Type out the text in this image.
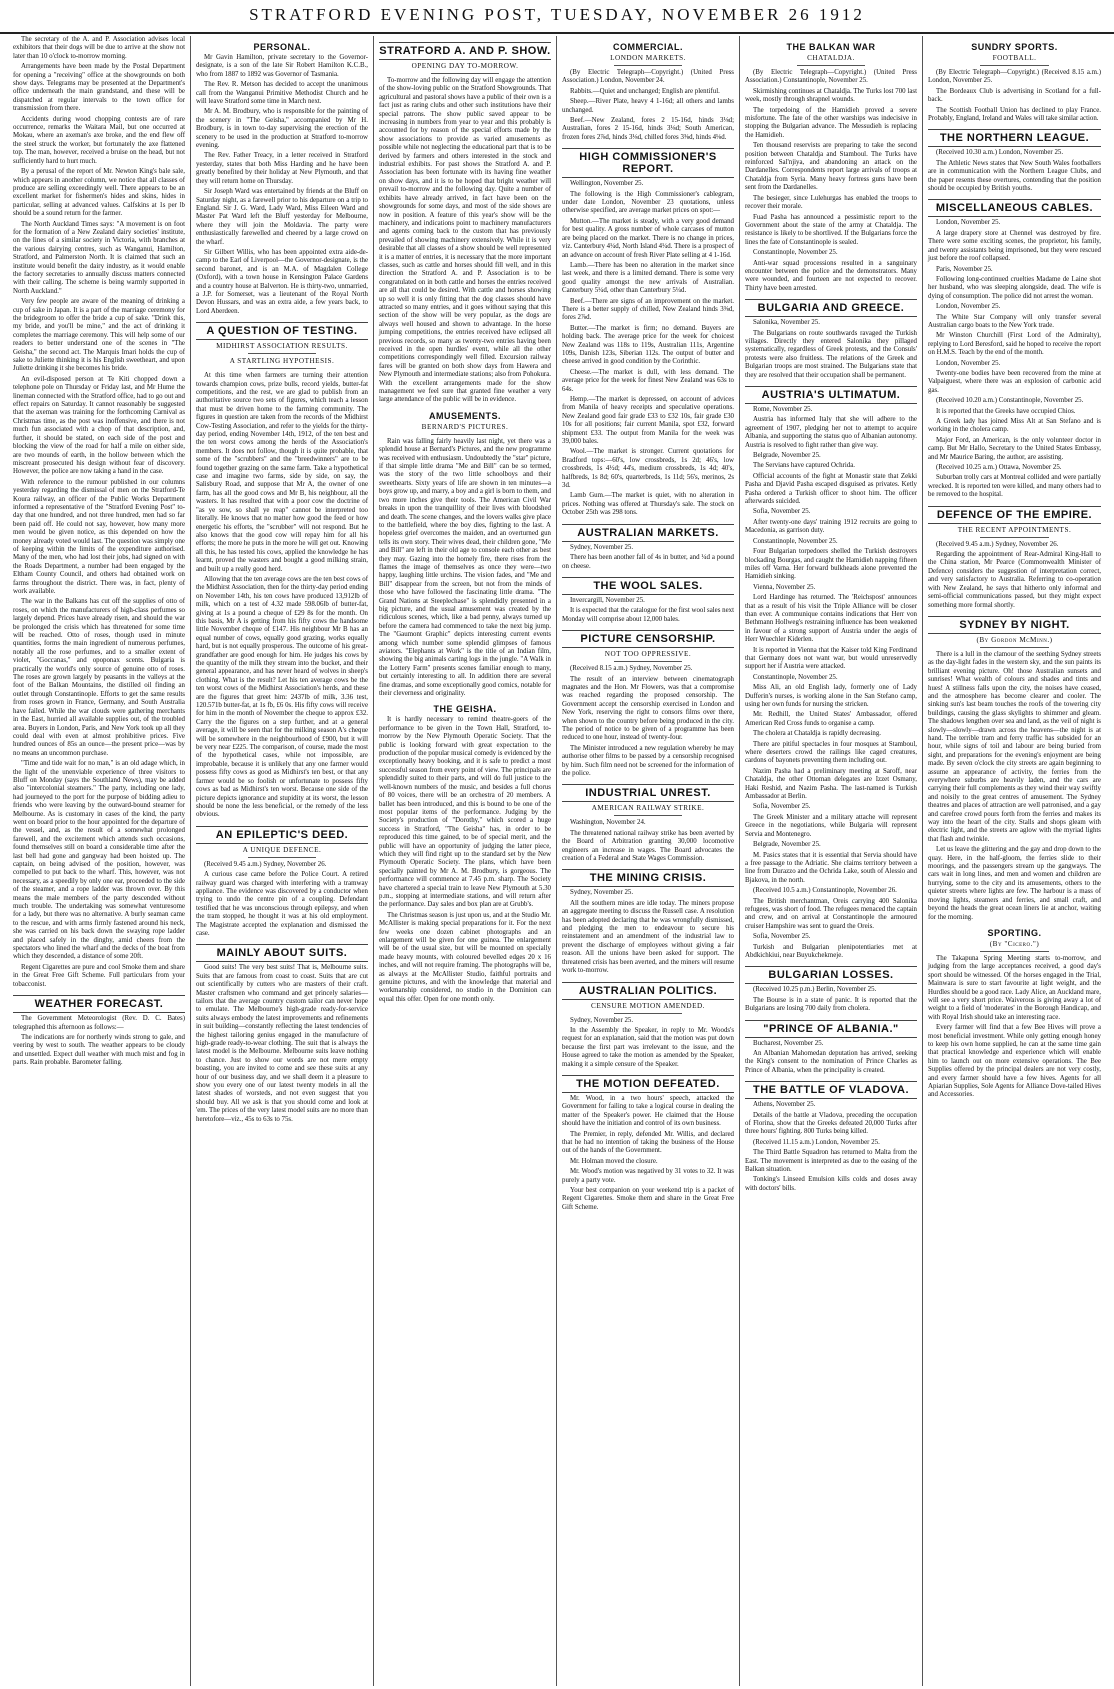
STRATFORD EVENING POST, TUESDAY, NOVEMBER 26 1912

The secretary of the A. and P. Association advises local exhibitors that their dogs will be due to arrive at the show not later than 10 o'clock to-morrow morning.

Arrangements have been made by the Postal Department for opening a "receiving" office at the showgrounds on both show days. Telegrams may be presented at the Department's office underneath the main grandstand, and these will be dispatched at regular intervals to the town office for transmission from there.

Accidents during wood chopping contests are of rare occurrence, remarks the Waitara Mail, but one occurred at Mokau, where an axeman's axe broke, and the end flew off the steel struck the worker, but fortunately the axe flattened top. The man, however, received a bruise on the head, but not sufficiently hard to hurt much.

By a perusal of the report of Mr. Newton King's bale sale, which appears in another column, we notice that all classes of produce are selling exceedingly well. There appears to be an excellent market for fishermen's hides and skins, hides in particular, selling at advanced values. Calfskins at 1s per lb should be a sound return for the farmer.

The North Auckland Times says: "A movement is on foot for the formation of a New Zealand dairy societies' institute, on the lines of a similar society in Victoria, with branches at the various dairying centres, such as Wanganui, Hamilton, Stratford, and Palmerston North. It is claimed that such an institute would benefit the dairy industry, as it would enable the factory secretaries to annually discuss matters connected with their calling. The scheme is being warmly supported in North Auckland."

Very few people are aware of the meaning of drinking a cup of sake in Japan. It is a part of the marriage ceremony for the bridegroom to offer the bride a cup of sake. "Drink this, my bride, and you'll be mine," and the act of drinking it completes the marriage ceremony. This will help some of our readers to better understand one of the scenes in "The Geisha," the second act. The Marquis Imari holds the cup of sake to Juliette thinking it is his English sweetheart, and upon Juliette drinking it she becomes his bride.

An evil-disposed person at Te Kiti chopped down a telephone pole on Thursday or Friday last, and Mr Hume the lineman connected with the Stratford office, had to go out and effect repairs on Saturday. It cannot reasonably be suggested that the axeman was training for the forthcoming Carnival as Christmas time, as the post was inoffensive, and there is not much fun associated with a chop of that description, and, further, it should be stated, on each side of the post and blocking the view of the road for half a mile on either side, are two mounds of earth, in the hollow between which the miscreant prosecuted his design without fear of discovery. However, the police are now taking a hand in the case.

With reference to the rumour published in our columns yesterday regarding the dismissal of men on the Stratford-Te Koura railway, an officer of the Public Works Department informed a representative of the "Stratford Evening Post" to-day that one hundred, and not three hundred, men had so far been paid off. He could not say, however, how many more men would be given notice, as this depended on how the money already voted would last. The question was simply one of keeping within the limits of the expenditure authorised. Many of the men, who had lost their jobs, had signed on with the Roads Department, a number had been engaged by the Eltham County Council, and others had obtained work on farms throughout the district. There was, in fact, plenty of work available.

The war in the Balkans has cut off the supplies of otto of roses, on which the manufacturers of high-class perfumes so largely depend. Prices have already risen, and should the war be prolonged the crisis which has threatened for some time will be reached. Otto of roses, though used in minute quantities, forms the main ingredient of numerous perfumes, notably all the rose perfumes, and to a smaller extent of violet, "Goccanas," and opoponax scents. Bulgaria is practically the world's only source of genuine otto of roses. The roses are grown largely by peasants in the valleys at the foot of the Balkan Mountains, the distilled oil finding an outlet through Constantinople. Efforts to get the same results from roses grown in France, Germany, and South Australia have failed. While the war clouds were gathering merchants in the East, hurried all available supplies out, of the troubled area. Buyers in London, Paris, and New York took up all they could deal with even at almost prohibitive prices. Five hundred ounces of 85s an ounce—the present price—was by no means an uncommon purchase.

"Time and tide wait for no man," is an old adage which, in the light of the unenviable experience of three visitors to Bluff on Monday (says the Southland News), may be added also "intercolonial steamers." The party, including one lady, had journeyed to the port for the purpose of bidding adieu to friends who were leaving by the outward-bound steamer for Melbourne. As is customary in cases of the kind, the party went on board prior to the hour appointed for the departure of the vessel, and, as the result of a somewhat prolonged farewell, and the excitement which attends such occasions, found themselves still on board a considerable time after the last bell had gone and gangway had been hoisted up. The captain, on being advised of the position, however, was compelled to put back to the wharf. This, however, was not necessary, as a speedily by only one ear, proceeded to the side of the steamer, and a rope ladder was thrown over. By this means the male members of the party descended without much trouble. The undertaking was somewhat venturesome for a lady, but there was no alternative. A burly seaman came to the rescue, and with arms firmly fastened around his neck, she was carried on his back down the swaying rope ladder and placed safely in the dinghy, amid cheers from the spectators who lined the wharf and the decks of the boat from which they descended, a distance of some 20ft.

Regent Cigarettes are pure and cool Smoke them and share in the Great Free Gift Scheme. Full particulars from your tobacconist.

WEATHER FORECAST.

The Government Meteorologist (Rev. D. C. Bates) telegraphed this afternoon as follows:—

The indications are for northerly winds strong to gale, and veering by west to south. The weather appears to be cloudy and unsettled. Expect dull weather with much mist and fog in parts. Rain probable. Barometer falling.

PERSONAL.

Mr Gavin Hamilton, private secretary to the Governor-designate, is a son of the late Sir Robert Hamilton K.C.B., who from 1887 to 1892 was Governor of Tasmania.

The Rev. R. Metson has decided to accept the unanimous call from the Wanganui Primitive Methodist Church and he will leave Stratford some time in March next.

Mr A. M. Brodbury, who is responsible for the painting of the scenery in "The Geisha," accompanied by Mr H. Brodbury, is in town to-day supervising the erection of the scenery to be used in the production at Stratford to-morrow evening.

The Rev. Father Treacy, in a letter received in Stratford yesterday, states that both Miss Harding and he have been greatly benefited by their holiday at New Plymouth, and that they will return home on Thursday.

Sir Joseph Ward was entertained by friends at the Bluff on Saturday night, as a farewell prior to his departure on a trip to England. Sir J. G. Ward, Lady Ward, Miss Eileen Ward and Master Pat Ward left the Bluff yesterday for Melbourne, where they will join the Moldavia. The party were enthusiastically farewelled and cheered by a large crowd on the wharf.

Sir Gilbert Willis, who has been appointed extra aide-de-camp to the Earl of Liverpool—the Governor-designate, is the second baronet, and is an M.A. of Magdalen College (Oxford), with a town house in Kensington Palace Gardens and a country house at Balverton. He is thirty-two, unmarried, a J.P. for Somerset, was a lieutenant of the Royal North Devon Hussars, and was an extra aide, a few years back, to Lord Aberdeen.

A QUESTION OF TESTING.
MIDHIRST ASSOCIATION RESULTS.
A STARTLING HYPOTHESIS.

At this time when farmers are turning their attention towards champion cows, prize bulls, record yields, butter-fat competitions, and the rest, we are glad to publish from an authoritative source two sets of figures, which teach a lesson that must be driven home to the farming community. The figures in question are taken from the records of the Midhirst Cow-Testing Association, and refer to the yields for the thirty-day period, ending November 14th, 1912, of the ten best and the ten worst cows among the herds of the Association's members. It does not follow, though it is quite probable, that some of the "scrubbers" and the "breedwinners" are to be found together grazing on the same farm. Take a hypothetical case and imagine two farms, side by side, on say, the Salisbury Road, and suppose that Mr A, the owner of one farm, has all the good cows and Mr B, his neighbour, all the wasters. It has resulted that with a poor cow the doctrine of "as ye sow, so shall ye reap" cannot be interpreted too literally. He knows that no matter how good the feed or how energetic his efforts, the "scrubber" will not respond. But he also knows that the good cow will repay him for all his efforts; the more he puts in the more he will get out. Knowing all this, he has tested his cows, applied the knowledge he has learnt, proved the wasters and bought a good milking strain, and built up a really good herd.

Allowing that the ten average cows are the ten best cows of the Midhirst Association, then for the thirty-day period ending on November 14th, his ten cows have produced 13,912lb of milk, which on a test of 4.32 made 598.06lb of butter-fat, giving at 1s a pound a cheque of £29 8s for the month. On this basis, Mr A is getting from his fifty cows the handsome little November cheque of £147. His neighbour Mr B has an equal number of cows, equally good grazing, works equally hard, but is not equally prosperous. The outcome of his great-grandfather are good enough for him. He judges his cows by the quantity of the milk they stream into the bucket, and their general appearance, and has never heard of wolves in sheep's clothing. What is the result? Let his ten average cows be the ten worst cows of the Midhirst Association's herds, and these are the figures that greet him: 2437lb of milk, 3.36 test, 120.571b butter-fat, at 1s fb, £6 0s. His fifty cows will receive for him in the month of November the cheque to approx £32. Carry the the figures on a step further, and at a general average, it will be seen that for the milking season A's cheque will be somewhere in the neighbourhood of £900, but it will be very near £225. The comparison, of course, made the most of the hypothetical cases, while not impossible, are improbable, because it is unlikely that any one farmer would possess fifty cows as good as Midhirst's ten best, or that any farmer would be so foolish or unfortunate to possess fifty cows as bad as Midhirst's ten worst. Because one side of the picture depicts ignorance and stupidity at its worst, the lesson should be none the less beneficial, or the remedy of the less obvious.

AN EPILEPTIC'S DEED.
A UNIQUE DEFENCE.

(Received 9.45 a.m.) Sydney, November 26.

A curious case came before the Police Court. A retired railway guard was charged with interfering with a tramway appliance. The evidence was discovered by a conductor when trying to undo the centre pin of a coupling. Defendant testified that he was unconscious through epilepsy, and when the tram stopped, he thought it was at his old employment. The Magistrate accepted the explanation and dismissed the case.

MAINLY ABOUT SUITS.

Good suits! The very best suits! That is, Melbourne suits. Suits that are famous from coast to coast. Suits that are cut out scientifically by cutters who are masters of their craft. Master craftsmen who command and get princely salaries—tailors that the average country custom tailor can never hope to emulate. The Melbourne's high-grade ready-for-service suits always embody the latest improvements and refinements in suit building—constantly reflecting the latest tendencies of the highest tailoring genius engaged in the manufacture of high-grade ready-to-wear clothing. The suit that is always the latest model is the Melbourne. Melbourne suits leave nothing to chance. Just to show our words are not mere empty boasting, you are invited to come and see these suits at any hour of our business day, and we shall deem it a pleasure to show you every one of our latest twenty models in all the latest shades of worsteds, and not even suggest that you should buy. All we ask is that you should come and look at 'em. The prices of the very latest model suits are no more than heretofore—viz., 45s to 63s to 75s.

STRATFORD A. AND P. SHOW.
OPENING DAY TO-MORROW.

To-morrow and the following day will engage the attention of the show-loving public on the Stratford Showgrounds. That agricultural and pastoral shows have a public of their own is a fact just as raring clubs and other such institutions have their special patrons. The show public saved appear to be increasing in numbers from year to year and this probably is accounted for by reason of the special efforts made by the show associations to provide as varied amusements as possible while not neglecting the educational part that is to be derived by farmers and others interested in the stock and industrial exhibits. For past shows the Stratford A. and P. Association has been fortunate with its having fine weather on show days, and it is to be hoped that bright weather will prevail to-morrow and the following day. Quite a number of exhibits have already arrived, in fact have been on the showgrounds for some days, and most of the side shows are now in position. A feature of this year's show will be the machinery, and indications point to machinery manufacturers and agents coming back to the custom that has previously prevailed of showing machinery extensively. While it is very desirable that all classes of a show should be well represented it is a matter of entries, it is necessary that the more important classes, such as cattle and horses should fill well, and in this direction the Stratford A. and P. Association is to be congratulated on in both cattle and horses the entries received are all that could be desired. With cattle and horses showing up so well it is only fitting that the dog classes should have attracted so many entries, and it goes without saying that this section of the show will be very popular, as the dogs are always well housed and shown to advantage. In the horse jumping competitions, the entries received have eclipsed all previous records, so many as twenty-two entries having been received in the open hurdles' event, while all the other competitions correspondingly well filled. Excursion railway fares will be granted on both show days from Hawera and New Plymouth and intermediate stations; also from Pohokura. With the excellent arrangements made for the show management we feel sure that granted fine weather a very large attendance of the public will be in evidence.

AMUSEMENTS.
BERNARD'S PICTURES.

Rain was falling fairly heavily last night, yet there was a splendid house at Bernard's Pictures, and the new programme was received with enthusiasm. Undoubtedly the "star" picture, if that simple little drama "Me and Bill" can be so termed, was the story of the two little schoolboys and their sweethearts. Sixty years of life are shown in ten minutes—a boys grow up, and marry, a boy and a girl is born to them, and two more inches give their tools. The American Civil War breaks in upon the tranquillity of their lives with bloodshed and death. The scene changes, and the lovers walks give place to the battlefield, where the boy dies, fighting to the last. A hopeless grief overcomes the maiden, and an overturned gun tells its own story. Their wives dead, their children gone, "Me and Bill" are left in their old age to console each other as best they may. Gazing into the homely fire, there rises from the flames the image of themselves as once they were—two happy, laughing little urchins. The vision fades, and "Me and Bill" disappear from the screen, but not from the minds of those who have followed the fascinating little drama. "The Grand Nations at Steeplechase" is splendidly presented in a big picture, and the usual amusement was created by the ridiculous scenes, which, like a bad penny, always turned up before the camera had commenced to take the next big jump. The "Gaumont Graphic" depicts interesting current events among which number some splendid glimpses of famous aviators. "Elephants at Work" is the title of an Indian film, showing the big animals carting logs in the jungle. "A Walk in the Lottery Farm" presents scenes familiar enough to many, but certainly interesting to all. In addition there are several fine dramas, and some exceptionally good comics, notable for their cleverness and originality.

THE GEISHA.

It is hardly necessary to remind theatre-goers of the performance to be given in the Town Hall, Stratford, to-morrow by the New Plymouth Operatic Society. That the public is looking forward with great expectation to the production of the popular musical comedy is evidenced by the exceptionally heavy booking, and it is safe to predict a most successful season from every point of view. The principals are splendidly suited to their parts, and will do full justice to the well-known numbers of the music, and besides a full chorus of 80 voices, there will be an orchestra of 20 members. A ballet has been introduced, and this is bound to be one of the most popular items of the performance. Judging by the Society's production of "Dorothy," which scored a huge success in Stratford, "The Geisha" has, in order to be reproduced this time gained, to be of special merit, and the public will have an opportunity of judging the latter piece, which they will find right up to the standard set by the New Plymouth Operatic Society. The plans, which have been specially painted by Mr A. M. Brodbury, is gorgeous. The performance will commence at 7.45 p.m. sharp. The Society have chartered a special train to leave New Plymouth at 5.30 p.m., stopping at intermediate stations, and will return after the performance. Day sales and box plan are at Grubb's.

The Christmas season is just upon us, and at the Studio Mr. McAllister is making special preparations for it. For the next few weeks one dozen cabinet photographs and an enlargement will be given for one guinea. The enlargement will be of the usual size, but will be mounted on specially made heavy mounts, with coloured bevelled edges 20 x 16 inches, and will not require framing. The photographs will be, as always at the McAllister Studio, faithful portraits and genuine pictures, and with the knowledge that material and workmanship considered, no studio in the Dominion can equal this offer. Open for one month only.

COMMERCIAL.
LONDON MARKETS.

(By Electric Telegraph—Copyright.) (United Press Association.) London, November 24.

Rabbits.—Quiet and unchanged; English are plentiful.

Sheep.—River Plate, heavy 4 1-16d; all others and lambs unchanged.

Beef.—New Zealand, fores 2 15-16d, hinds 3⅛d; Australian, fores 2 15-16d, hinds 3⅛d; South American, frozen fores 2⅞d, hinds 3⅛d, chilled fores 3⅜d, hinds 4⅛d.

HIGH COMMISSIONER'S REPORT.

Wellington, November 25.

The following is the High Commissioner's cablegram, under date London, November 23 quotations, unless otherwise specified, are average market prices on spot:—

Mutton.—The market is steady, with a very good demand for best quality. A gross number of whole carcases of mutton are being placed on the market. There is no change in prices, viz. Canterbury 4¼d, North Island 4¼d. There is a prospect of an advance on account of fresh River Plate selling at 4 1-16d.

Lamb.—There has been no alteration in the market since last week, and there is a limited demand. There is some very good quality amongst the new arrivals of Australian. Canterbury 5¼d, other than Canterbury 5¼d.

Beef.—There are signs of an improvement on the market. There is a better supply of chilled, New Zealand hinds 3⅜d, fores 2⅞d.

Butter.—The market is firm; no demand. Buyers are holding back. The average price for the week for choicest New Zealand was 118s to 119s, Australian 111s, Argentine 109s, Danish 123s, Siberian 112s. The output of butter and cheese arrived in good condition by the Corinthic.

Cheese.—The market is dull, with less demand. The average price for the week for finest New Zealand was 63s to 64s.

Hemp.—The market is depressed, on account of advices from Manila of heavy receipts and speculative operations. New Zealand good fair grade £33 to £32 10s, fair grade £30 10s for all positions; fair current Manila, spot £32, forward shipment £33. The output from Manila for the week was 39,000 bales.

Wool.—The market is stronger. Current quotations for Bradford tops:—60's, low crossbreds, 1s 2d; 46's, low crossbreds, 1s 4½d; 44's, medium crossbreds, 1s 4d; 40's, halfbreds, 1s 8d; 60's, quarterbreds, 1s 11d; 56's, merinos, 2s 3d.

Lamb Gum.—The market is quiet, with no alteration in prices. Nothing was offered at Thursday's sale. The stock on October 25th was 298 tons.

AUSTRALIAN MARKETS.

Sydney, November 25.

There has been another fall of 4s in butter, and ¼d a pound on cheese.

THE WOOL SALES.

Invercargill, November 25.

It is expected that the catalogue for the first wool sales next Monday will comprise about 12,000 bales.

PICTURE CENSORSHIP.
NOT TOO OPPRESSIVE.

(Received 8.15 a.m.) Sydney, November 25.

The result of an interview between cinematograph magnates and the Hon. Mr Flowers, was that a compromise was reached regarding the proposed censorship. The Government accept the censorship exercised in London and New York, reserving the right to consors films over there, when shown to the country before being produced in the city. The period of notice to be given of a programme has been reduced to one hour, instead of twenty-four.

The Minister introduced a new regulation whereby he may authorise other films to be passed by a censorship recognised by him. Such film need not be screened for the information of the police.

INDUSTRIAL UNREST.
AMERICAN RAILWAY STRIKE.

Washington, November 24.

The threatened national railway strike has been averted by the Board of Arbitration granting 30,000 locomotive engineers an increase in wages. The Board advocates the creation of a Federal and State Wages Commission.

THE MINING CRISIS.

Sydney, November 25.

All the southern mines are idle today. The miners propose an aggregate meeting to discuss the Russell case. A resolution has been adopted declaring that he was wrongfully dismissed, and pledging the men to endeavour to secure his reinstatement and an amendment of the industrial law to prevent the discharge of employees without giving a fair reason. All the unions have been asked for support. The threatened crisis has been averted, and the miners will resume work to-morrow.

AUSTRALIAN POLITICS.
CENSURE MOTION AMENDED.

Sydney, November 25.

In the Assembly the Speaker, in reply to Mr. Woods's request for an explanation, said that the motion was put down because the first part was irrelevant to the issue, and the House agreed to take the motion as amended by the Speaker, making it a simple censure of the Speaker.

THE MOTION DEFEATED.

Mr. Wood, in a two hours' speech, attacked the Government for failing to take a logical course in dealing the matter of the Speaker's power. He claimed that the House should have the initiation and control of its own business.

The Premier, in reply, defended Mr. Willis, and declared that he had no intention of taking the business of the House out of the hands of the Government.

Mr. Holman moved the closure.

Mr. Wood's motion was negatived by 31 votes to 32. It was purely a party vote.

Your best companion on your weekend trip is a packet of Regent Cigarettes. Smoke them and share in the Great Free Gift Scheme.

THE BALKAN WAR
CHATALDJA.

(By Electric Telegraph—Copyright.) (United Press Association.) Constantinople, November 25.

Skirmishing continues at Chataldja. The Turks lost 700 last week, mostly through shrapnel wounds.

The torpedoing of the Hamidieh proved a severe misfortune. The fate of the other warships was indecisive in stopping the Bulgarian advance. The Messudieh is replacing the Hamidieh.

Ten thousand reservists are preparing to take the second position between Chataldja and Stamboul. The Turks have reinforced Sal'njiya, and abandoning an attack on the Dardanelles. Correspondents report large arrivals of troops at Chataldja from Syria. Many heavy fortress guns have been sent from the Dardanelles.

The besieger, since Lulehurgas has enabled the troops to recover their morale.

Fuad Pasha has announced a pessimistic report to the Government about the state of the army at Chataldja. The resistance is likely to be shortlived. If the Bulgarians force the lines the fate of Constantinople is sealed.

Constantinople, November 25.

Anti-war squad processions resulted in a sanguinary encounter between the police and the demonstrators. Many were wounded, and fourteen are not expected to recover. Thirty have been arrested.

BULGARIA AND GREECE.

Salonika, November 25.

The Bulgarians on route southwards ravaged the Turkish villages. Directly they entered Salonika they pillaged systematically, regardless of Greek protests, and the Consuls' protests were also fruitless. The relations of the Greek and Bulgarian troops are most strained. The Bulgarians state that they are resolved that their occupation shall be permanent.

AUSTRIA'S ULTIMATUM.

Rome, November 25.

Austria has informed Italy that she will adhere to the agreement of 1907, pledging her not to attempt to acquire Albania, and supporting the status quo of Albanian autonomy. Austria is resolved to fight rather than give way.

Belgrade, November 25.

The Servians have captured Ochrida.

Official accounts of the fight at Monastir state that Zekki Pasha and Djavid Pasha escaped disguised as privates. Ketly Pasha ordered a Turkish officer to shoot him. The officer afterwards suicided.

Sofia, November 25.

After twenty-one days' training 1912 recruits are going to Macedonia, as garrison duty.

Constantinople, November 25.

Four Bulgarian torpedoers shelled the Turkish destroyers blockading Bourgas, and caught the Hamidieh napping fifteen miles off Varna. Her forward bulkheads alone prevented the Hamidieh sinking.

Vienna, November 25.

Lord Hardinge has returned. The 'Reichspost' announces that as a result of his visit the Triple Alliance will be closer than ever. A communique contains indications that Herr von Bethmann Hollweg's restraining influence has been weakened in favour of a strong support of Austria under the aegis of Herr Wuechler Kiderlen.

It is reported in Vienna that the Kaiser told King Ferdinand that Germany does not want war, but would unreservedly support her if Austria were attacked.

Constantinople, November 25.

Miss Ali, an old English lady, formerly one of Lady Dufferin's nurses, is working alone in the San Stefano camp, using her own funds for nursing the stricken.

Mr. Redhill, the United States' Ambassador, offered American Red Cross funds to organise a camp.

The cholera at Chataldja is rapidly decreasing.

There are pitiful spectacles in four mosques at Stamboul, where deserters crowd the railings like caged creatures, cardons of bayonets preventing them including out.

Nazim Pasha had a preliminary meeting at Saroff, near Chataldja, the other Ottoman delegates are Izzet Osmany, Haki Reshid, and Nazim Pasha. The last-named is Turkish Ambassador at Berlin.

Sofia, November 25.

The Greek Minister and a military attache will represent Greece in the negotiations, while Bulgaria will represent Servia and Montenegro.

Belgrade, November 25.

M. Pasics states that it is essential that Servia should have a free passage to the Adriatic. She claims territory between a line from Durazzo and the Ochrida Lake, south of Alessio and Bjakova, in the north.

(Received 10.5 a.m.) Constantinople, November 26.

The British merchantman, Oreis carrying 400 Salonika refugees, was short of food. The refugees menaced the captain and crew, and on arrival at Constantinople the armoured cruiser Hampshire was sent to guard the Oreis.

Sofia, November 25.

Turkish and Bulgarian plenipotentiaries met at Abdkichkiui, near Buyukchekmeje.

BULGARIAN LOSSES.

(Received 10.25 p.m.) Berlin, November 25.

The Bourse is in a state of panic. It is reported that the Bulgarians are losing 700 daily from cholera.

"PRINCE OF ALBANIA."

Bucharest, November 25.

An Albanian Mahomedan deputation has arrived, seeking the King's consent to the nomination of Prince Charles as Prince of Albania, when the principality is created.

THE BATTLE OF VLADOVA.

Athens, November 25.

Details of the battle at Vladova, preceding the occupation of Florina, show that the Greeks defeated 20,000 Turks after three hours' fighting. 800 Turks being killed.

(Received 11.15 a.m.) London, November 25.

The Third Battle Squadron has returned to Malta from the East. The movement is interpreted as due to the easing of the Balkan situation.

Tonking's Linseed Emulsion kills colds and doses away with doctors' bills.

SUNDRY SPORTS.
FOOTBALL.

(By Electric Telegraph—Copyright.) (Received 8.15 a.m.) London, November 25.

The Bordeaux Club is advertising in Scotland for a full-back.

The Scottish Football Union has declined to play France. Probably, England, Ireland and Wales will take similar action.

THE NORTHERN LEAGUE.

(Received 10.30 a.m.) London, November 25.

The Athletic News states that New South Wales footballers are in communication with the Northern League Clubs, and the paper resents these overtures, contending that the position should be occupied by British youths.

MISCELLANEOUS CABLES.

London, November 25.

A large drapery store at Chennel was destroyed by fire. There were some exciting scenes, the proprietor, his family, and twenty assistants being imprisoned, but they were rescued just before the roof collapsed.

Paris, November 25.

Following long-continued cruelties Madame de Laine shot her husband, who was sleeping alongside, dead. The wife is dying of consumption. The police did not arrest the woman.

London, November 25.

The White Star Company will only transfer several Australian cargo boats to the New York trade.

Mr Winston Churchill (First Lord of the Admiralty), replying to Lord Beresford, said he hoped to receive the report on H.M.S. Teach by the end of the month.

London, November 25.

Twenty-one bodies have been recovered from the mine at Valpaiguest, where there was an explosion of carbonic acid gas.

(Received 10.20 a.m.) Constantinople, November 25.

It is reported that the Greeks have occupied Chios.

A Greek lady has joined Miss Alt at San Stefano and is working in the cholera camp.

Major Ford, an American, is the only volunteer doctor in camp. But Mr Hallo, Secretary to the United States Embassy, and Mr Maurice Baring, the author, are assisting.

(Received 10.25 a.m.) Ottawa, November 25.

Suburban trolly cars at Montreal collided and were partially wrecked. It is reported ten were killed, and many others had to be removed to the hospital.

DEFENCE OF THE EMPIRE.
THE RECENT APPOINTMENTS.

(Received 9.45 a.m.) Sydney, November 26.

Regarding the appointment of Rear-Admiral King-Hall to the China station, Mr Pearce (Commonwealth Minister of Defence) considers the suggestion of interpretation correct, and very satisfactory to Australia. Referring to co-operation with New Zealand, he says that hitherto only informal and semi-official communications passed, but they might expect something more formal shortly.

SYDNEY BY NIGHT.
(By Gordon McMinn.)

There is a lull in the clamour of the seething Sydney streets as the day-light fades in the western sky, and the sun paints its brilliant evening picture. Oh! those Australian sunsets and sunrises! What wealth of colours and shades and tints and hues! A stillness falls upon the city, the noises have ceased, and the atmosphere has become clearer and cooler. The sinking sun's last beam touches the roofs of the towering city buildings, causing the glass skylights to shimmer and gleam. The shadows lengthen over sea and land, as the veil of night is slowly—slowly—drawn across the heavens—the night is at hand. The terrible tram and ferry traffic has subsided for an hour, while signs of toil and labour are being buried from sight, and preparations for the evening's enjoyment are being made. By seven o'clock the city streets are again beginning to assume an appearance of activity, the ferries from the everywhere suburbs are heavily laden, and the cars are carrying their full complements as they wind their way swiftly and noisily to the great centres of amusement. The Sydney theatres and places of attraction are well patronised, and a gay and carefree crowd pours forth from the ferries and makes its way into the heart of the city. Stalls and shops gleam with electric light, and the streets are aglow with the myriad lights that flash and twinkle.

Let us leave the glittering and the gay and drop down to the quay. Here, in the half-gloom, the ferries slide to their moorings, and the passengers stream up the gangways. The cars wait in long lines, and men and women and children are hurrying, some to the city and its amusements, others to the quieter streets where lights are few. The harbour is a mass of moving lights, steamers and ferries, and small craft, and beyond the heads the great ocean liners lie at anchor, waiting for the morning.

SPORTING.
(By "Cicero.")

The Takapuna Spring Meeting starts to-morrow, and judging from the large acceptances received, a good day's sport should be witnessed. Of the horses engaged in the Trial, Mainwara is sure to start favourite at light weight, and the Hurdles should be a good race. Lady Alice, an Auckland mare, will see a very short price. Waiverous is giving away a lot of weight to a field of 'moderates' in the Borough Handicap, and with Royal Irish should take an interesting race.

Every farmer will find that a few Bee Hives will prove a most beneficial investment. While only getting enough honey to keep his own home supplied, he can at the same time gain that practical knowledge and experience which will enable him to launch out on more extensive operations. The Bee Supplies offered by the principal dealers are not very costly, and every farmer should have a few hives. Agents for all Apiarian Supplies, Sole Agents for Alliance Dove-tailed Hives and Accessories.
